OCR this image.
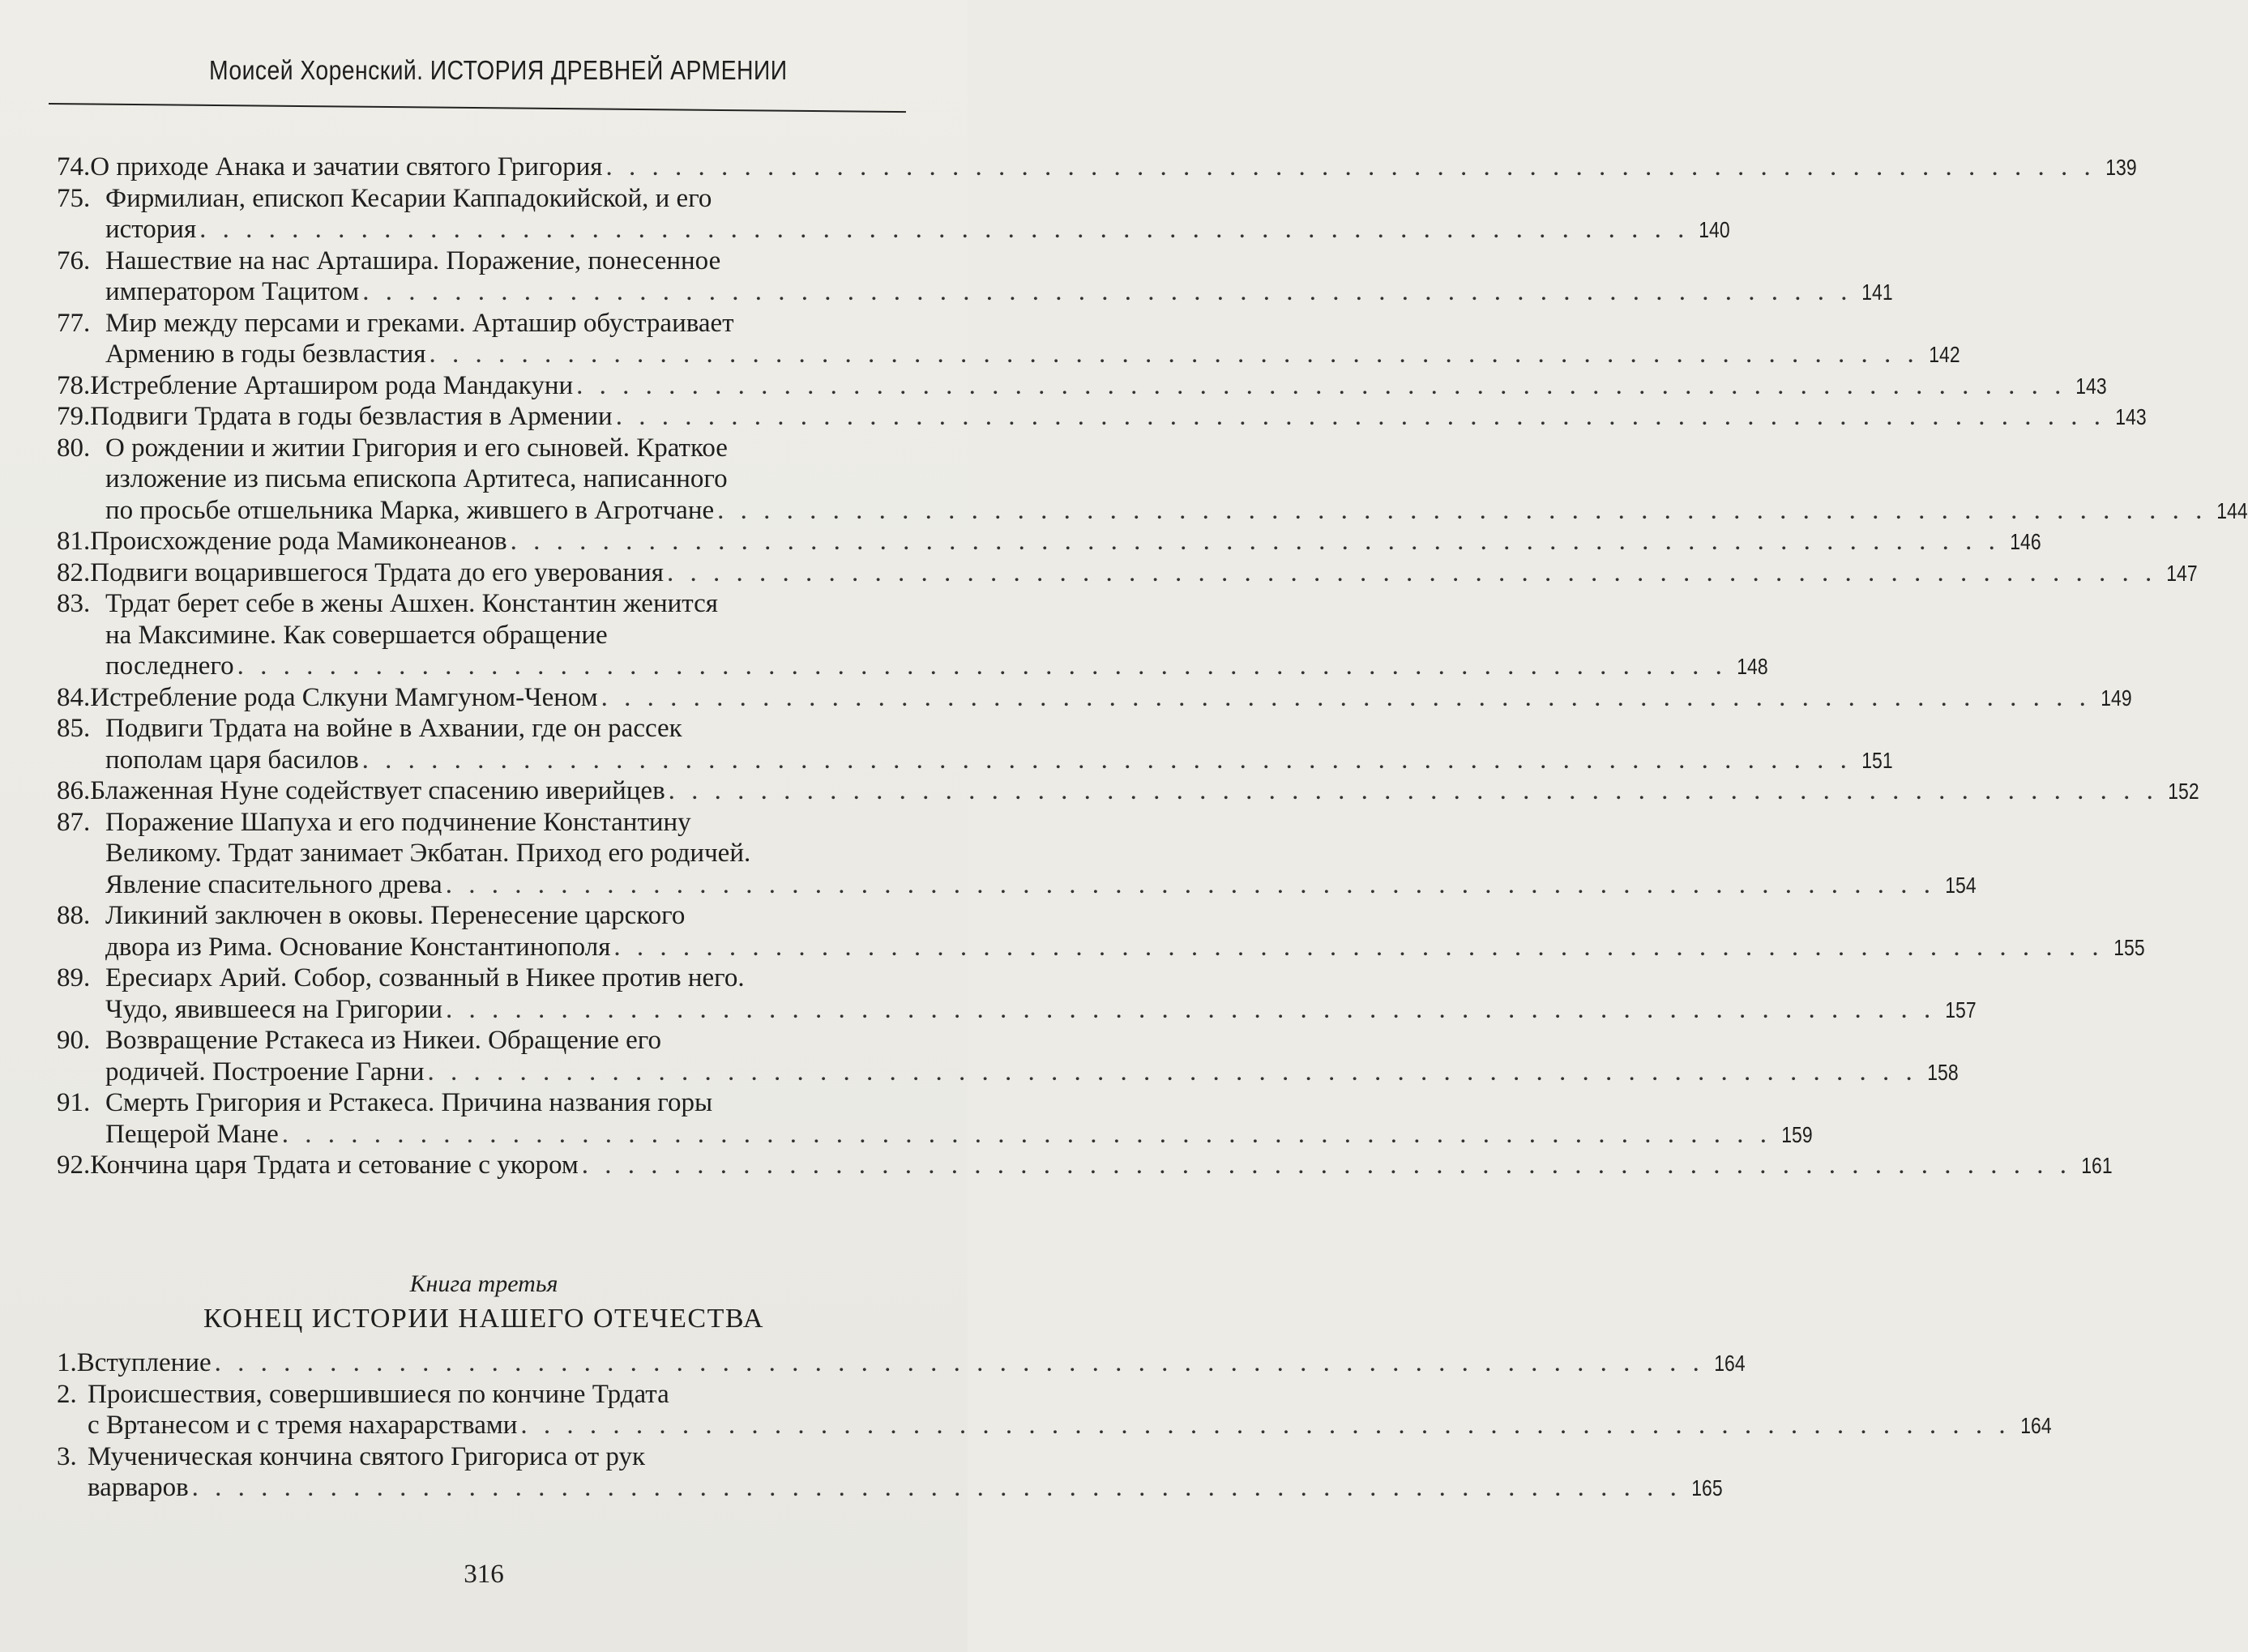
Моисей Хоренский. ИСТОРИЯ ДРЕВНЕЙ АРМЕНИИ
74. О приходе Анака и зачатии святого Григория . . . . . . . . . . . . . . . . . . . . . . . . . . . . . . . . . . . . . . . . . . . . . . . . . . . . . . . . . . . . . . . . . 139
75. Фирмилиан, епископ Кесарии Каппадокийской, и его
история . . . . . . . . . . . . . . . . . . . . . . . . . . . . . . . . . . . . . . . . . . . . . . . . . . . . . . . . . . . . . . . . . 140
76. Нашествие на нас Арташира. Поражение, понесенное
императором Тацитом . . . . . . . . . . . . . . . . . . . . . . . . . . . . . . . . . . . . . . . . . . . . . . . . . . . . . . . . . . . . . . . . . 141
77. Мир между персами и греками. Арташир обустраивает
Армению в годы безвластия . . . . . . . . . . . . . . . . . . . . . . . . . . . . . . . . . . . . . . . . . . . . . . . . . . . . . . . . . . . . . . . . . 142
78. Истребление Арташиром рода Мандакуни . . . . . . . . . . . . . . . . . . . . . . . . . . . . . . . . . . . . . . . . . . . . . . . . . . . . . . . . . . . . . . . . . 143
79. Подвиги Трдата в годы безвластия в Армении . . . . . . . . . . . . . . . . . . . . . . . . . . . . . . . . . . . . . . . . . . . . . . . . . . . . . . . . . . . . . . . . . 143
80. О рождении и житии Григория и его сыновей. Краткое
изложение из письма епископа Артитеса, написанного
по просьбе отшельника Марка, жившего в Агротчане . . . . . . . . . . . . . . . . . . . . . . . . . . . . . . . . . . . . . . . . . . . . . . . . . . . . . . . . . . . . . . . . . 144
81. Происхождение рода Мамиконеанов . . . . . . . . . . . . . . . . . . . . . . . . . . . . . . . . . . . . . . . . . . . . . . . . . . . . . . . . . . . . . . . . . 146
82. Подвиги воцарившегося Трдата до его уверования . . . . . . . . . . . . . . . . . . . . . . . . . . . . . . . . . . . . . . . . . . . . . . . . . . . . . . . . . . . . . . . . . 147
83. Трдат берет себе в жены Ашхен. Константин женится
на Максимине. Как совершается обращение
последнего . . . . . . . . . . . . . . . . . . . . . . . . . . . . . . . . . . . . . . . . . . . . . . . . . . . . . . . . . . . . . . . . . 148
84. Истребление рода Слкуни Мамгуном-Ченом . . . . . . . . . . . . . . . . . . . . . . . . . . . . . . . . . . . . . . . . . . . . . . . . . . . . . . . . . . . . . . . . . 149
85. Подвиги Трдата на войне в Ахвании, где он рассек
пополам царя басилов . . . . . . . . . . . . . . . . . . . . . . . . . . . . . . . . . . . . . . . . . . . . . . . . . . . . . . . . . . . . . . . . . 151
86. Блаженная Нуне содействует спасению иверийцев . . . . . . . . . . . . . . . . . . . . . . . . . . . . . . . . . . . . . . . . . . . . . . . . . . . . . . . . . . . . . . . . . 152
87. Поражение Шапуха и его подчинение Константину
Великому. Трдат занимает Экбатан. Приход его родичей.
Явление спасительного древа . . . . . . . . . . . . . . . . . . . . . . . . . . . . . . . . . . . . . . . . . . . . . . . . . . . . . . . . . . . . . . . . . 154
88. Ликиний заключен в оковы. Перенесение царского
двора из Рима. Основание Константинополя . . . . . . . . . . . . . . . . . . . . . . . . . . . . . . . . . . . . . . . . . . . . . . . . . . . . . . . . . . . . . . . . . 155
89. Ересиарх Арий. Собор, созванный в Никее против него.
Чудо, явившееся на Григории . . . . . . . . . . . . . . . . . . . . . . . . . . . . . . . . . . . . . . . . . . . . . . . . . . . . . . . . . . . . . . . . . 157
90. Возвращение Рстакеса из Никеи. Обращение его
родичей. Построение Гарни . . . . . . . . . . . . . . . . . . . . . . . . . . . . . . . . . . . . . . . . . . . . . . . . . . . . . . . . . . . . . . . . . 158
91. Смерть Григория и Рстакеса. Причина названия горы
Пещерой Мане . . . . . . . . . . . . . . . . . . . . . . . . . . . . . . . . . . . . . . . . . . . . . . . . . . . . . . . . . . . . . . . . . 159
92. Кончина царя Трдата и сетование с укором . . . . . . . . . . . . . . . . . . . . . . . . . . . . . . . . . . . . . . . . . . . . . . . . . . . . . . . . . . . . . . . . . 161
1. Вступление . . . . . . . . . . . . . . . . . . . . . . . . . . . . . . . . . . . . . . . . . . . . . . . . . . . . . . . . . . . . . . . . . 164
2. Происшествия, совершившиеся по кончине Трдата
с Вртанесом и с тремя нахарарствами . . . . . . . . . . . . . . . . . . . . . . . . . . . . . . . . . . . . . . . . . . . . . . . . . . . . . . . . . . . . . . . . . 164
3. Мученическая кончина святого Григориса от рук
варваров . . . . . . . . . . . . . . . . . . . . . . . . . . . . . . . . . . . . . . . . . . . . . . . . . . . . . . . . . . . . . . . . . 165
Книга третья
КОНЕЦ ИСТОРИИ НАШЕГО ОТЕЧЕСТВА
316
